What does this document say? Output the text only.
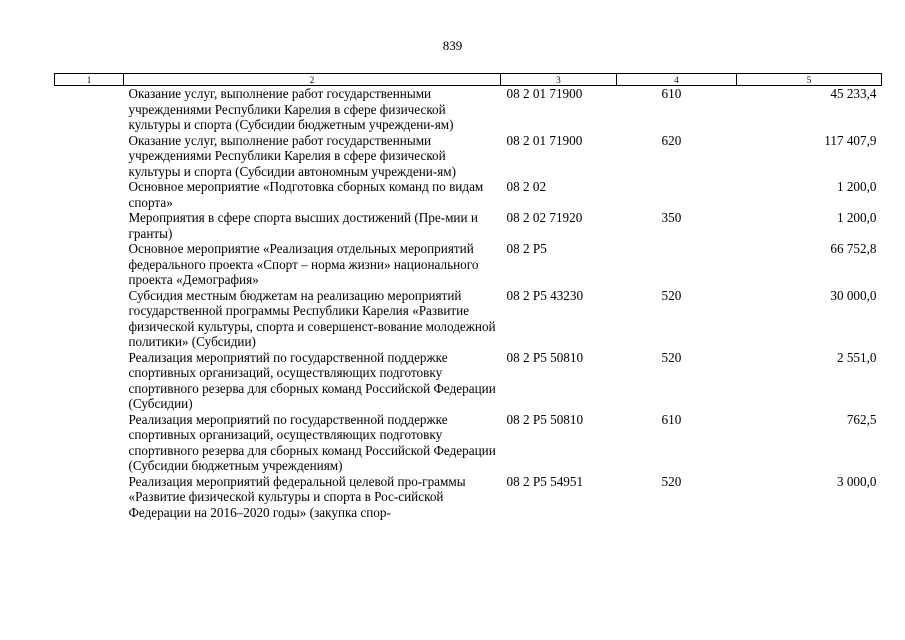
839
1	2	3	4	5
	Оказание услуг, выполнение работ государственными учреждениями Республики Карелия в сфере физической культуры и спорта (Субсидии бюджетным учреждени-ям)	08 2 01 71900	610	45 233,4
	Оказание услуг, выполнение работ государственными учреждениями Республики Карелия в сфере физической культуры и спорта (Субсидии автономным учреждени-ям)	08 2 01 71900	620	117 407,9
	Основное мероприятие «Подготовка сборных команд по видам спорта»	08 2 02		1 200,0
	Мероприятия в сфере спорта высших достижений (Пре-мии и гранты)	08 2 02 71920	350	1 200,0
	Основное мероприятие «Реализация отдельных мероприятий федерального проекта «Спорт – норма жизни» национального проекта «Демография»	08 2 P5		66 752,8
	Субсидия местным бюджетам на реализацию мероприятий государственной программы Республики Карелия «Развитие физической культуры, спорта и совершенст-вование молодежной политики» (Субсидии)	08 2 P5 43230	520	30 000,0
	Реализация мероприятий по государственной поддержке спортивных организаций, осуществляющих подготовку спортивного резерва для сборных команд Российской Федерации (Субсидии)	08 2 P5 50810	520	2 551,0
	Реализация мероприятий по государственной поддержке спортивных организаций, осуществляющих подготовку спортивного резерва для сборных команд Российской Федерации (Субсидии бюджетным учреждениям)	08 2 P5 50810	610	762,5
	Реализация мероприятий федеральной целевой про-граммы «Развитие физической культуры и спорта в Рос-сийской Федерации на 2016–2020 годы» (закупка спор-	08 2 P5 54951	520	3 000,0
